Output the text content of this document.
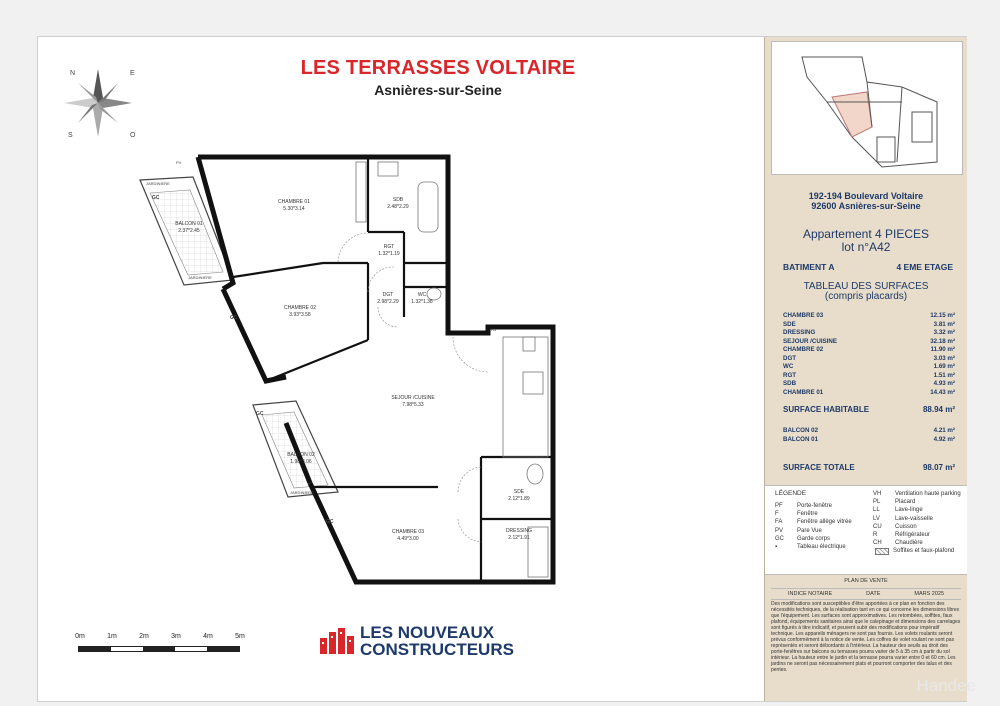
N	E
S	O
CHAMBRE 01 5.30*3.14
SDB 2.48*2.29
BALCON 01 2.37*2.45
RGT 1.32*1.19
CHAMBRE 02 3.93*3.58
DGT 2.98*2.29
WC 1.32*1.38
SEJOUR /CUISINE 7.98*5.33
BALCON 02 1.98*3.06
SDE 2.12*1.89
CHAMBRE 03 4.49*3.00
DRESSING 2.12*1.91
JARDINIERE
JARDINIERE
JARDINIERE
GC
GC
GC
GC
PV
FA
LES TERRASSES VOLTAIRE
Asnières-sur-Seine
LES NOUVEAUX
CONSTRUCTEURS
0m	1m	2m	3m	4m	5m
192-194 Boulevard Voltaire
92600 Asnières-sur-Seine
Appartement 4 PIECES
lot n°A42
BATIMENT A	4 EME ETAGE
TABLEAU DES SURFACES
(compris placards)
CHAMBRE 03	12.15 m²
SDE	3.81 m²
DRESSING	3.32 m²
SEJOUR /CUISINE	32.18 m²
CHAMBRE 02	11.90 m²
DGT	3.03 m²
WC	1.69 m²
RGT	1.51 m²
SDB	4.93 m²
CHAMBRE 01	14.43 m²
SURFACE HABITABLE	88.94 m²
BALCON 02	4.21 m²
BALCON 01	4.92 m²
SURFACE TOTALE	98.07 m²
LÉGENDE
PF	Porte-fenêtre
F	Fenêtre
FA	Fenêtre allège vitrée
PV	Pare Vue
GC	Garde corps
▪	Tableau électrique
VH	Ventilation haute parking
PL	Placard
LL	Lave-linge
LV	Lave-vaisselle
CU	Cuisson
R	Réfrigérateur
CH	Chaudière
Soffites et faux-plafond
PLAN DE VENTE
INDICE NOTAIRE	DATE	MARS 2025
Des modifications sont susceptibles d'être apportées à ce plan en fonction des nécessités techniques, de la réalisation tant en ce qui concerne les dimensions libres que l'équipement. Les surfaces sont approximatives. Les retombées, soffites, faux plafond, équipements sanitaires ainsi que le calepinage et dimensions des carrelages sont figurés à titre indicatif, et peuvent subir des modifications pour impératif technique. Les appareils ménagers ne sont pas fournis. Les volets roulants seront prévus conformément à la notice de vente. Les coffres de volet roulant ne sont pas représentés et seront débordants à l'intérieur. La hauteur des seuils au droit des porte-fenêtres sur balcons ou terrasses pourra varier de 5 à 35 cm à partir du sol intérieur. La hauteur entre le jardin et la terrasse pourra varier entre 0 et 60 cm. Les jardins ne seront pas nécessairement plats et pourront comporter des talus et des pentes.
Handee
